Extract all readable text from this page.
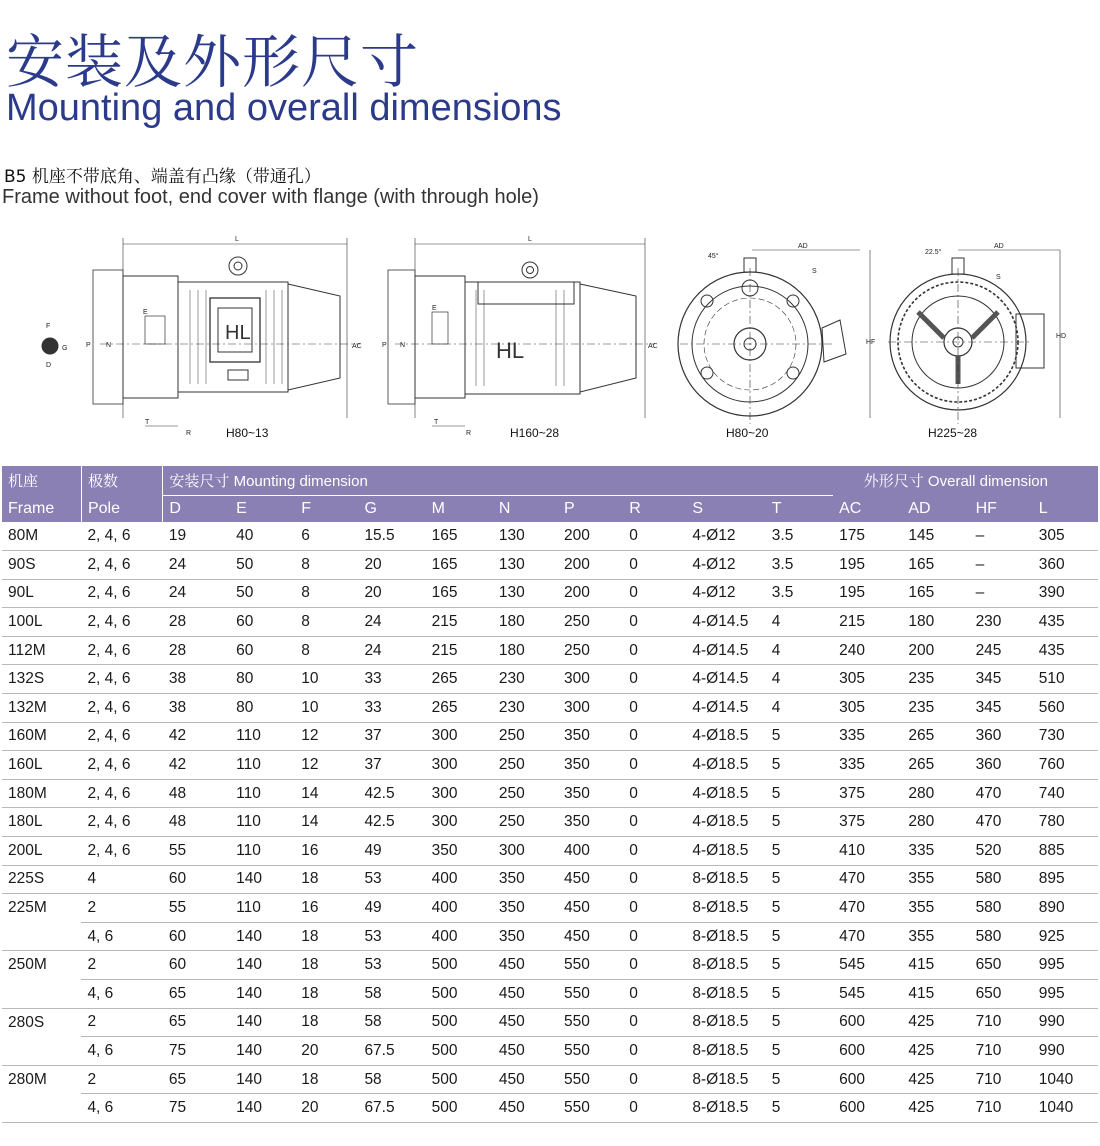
安装及外形尺寸
Mounting and overall dimensions
B5 机座不带底角、端盖有凸缘（带通孔）
Frame without foot, end cover with flange (with through hole)
L
HL
E
N
P	AC
T
R
F
G
D
L
HL
E
N
P	AC
T
R
AD
45°
S
HF
AD
22.5°
S
HD
H80~13	H160~28	H80~20	H225~28
机座	极数	安装尺寸 Mounting dimension										外形尺寸 Overall dimension			
Frame	Pole	D	E	F	G	M	N	P	R	S	T	AC	AD	HF	L
80M	2, 4, 6	19	40	6	15.5	165	130	200	0	4-Ø12	3.5	175	145	–	305
90S	2, 4, 6	24	50	8	20	165	130	200	0	4-Ø12	3.5	195	165	–	360
90L	2, 4, 6	24	50	8	20	165	130	200	0	4-Ø12	3.5	195	165	–	390
100L	2, 4, 6	28	60	8	24	215	180	250	0	4-Ø14.5	4	215	180	230	435
112M	2, 4, 6	28	60	8	24	215	180	250	0	4-Ø14.5	4	240	200	245	435
132S	2, 4, 6	38	80	10	33	265	230	300	0	4-Ø14.5	4	305	235	345	510
132M	2, 4, 6	38	80	10	33	265	230	300	0	4-Ø14.5	4	305	235	345	560
160M	2, 4, 6	42	110	12	37	300	250	350	0	4-Ø18.5	5	335	265	360	730
160L	2, 4, 6	42	110	12	37	300	250	350	0	4-Ø18.5	5	335	265	360	760
180M	2, 4, 6	48	110	14	42.5	300	250	350	0	4-Ø18.5	5	375	280	470	740
180L	2, 4, 6	48	110	14	42.5	300	250	350	0	4-Ø18.5	5	375	280	470	780
200L	2, 4, 6	55	110	16	49	350	300	400	0	4-Ø18.5	5	410	335	520	885
225S	4	60	140	18	53	400	350	450	0	8-Ø18.5	5	470	355	580	895
225M	2	55	110	16	49	400	350	450	0	8-Ø18.5	5	470	355	580	890
	4, 6	60	140	18	53	400	350	450	0	8-Ø18.5	5	470	355	580	925
250M	2	60	140	18	53	500	450	550	0	8-Ø18.5	5	545	415	650	995
	4, 6	65	140	18	58	500	450	550	0	8-Ø18.5	5	545	415	650	995
280S	2	65	140	18	58	500	450	550	0	8-Ø18.5	5	600	425	710	990
	4, 6	75	140	20	67.5	500	450	550	0	8-Ø18.5	5	600	425	710	990
280M	2	65	140	18	58	500	450	550	0	8-Ø18.5	5	600	425	710	1040
	4, 6	75	140	20	67.5	500	450	550	0	8-Ø18.5	5	600	425	710	1040
